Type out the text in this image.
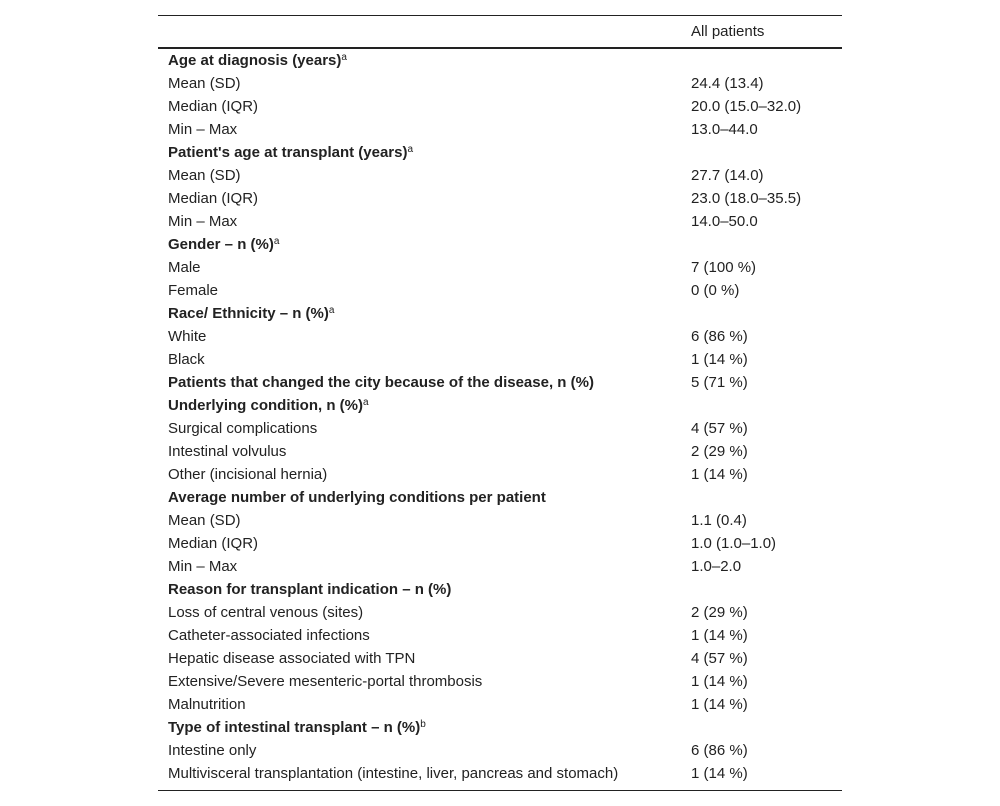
All patients
Age at diagnosis (years)$^a$
Mean (SD)	24.4 (13.4)
Median (IQR)	20.0 (15.0–32.0)
Min – Max	13.0–44.0
Patient's age at transplant (years)$^a$
Mean (SD)	27.7 (14.0)
Median (IQR)	23.0 (18.0–35.5)
Min – Max	14.0–50.0
Gender – n (%)$^a$
Male	7 (100 %)
Female	0 (0 %)
Race/ Ethnicity – n (%)$^a$
White	6 (86 %)
Black	1 (14 %)
Patients that changed the city because of the disease, n (%)	5 (71 %)
Underlying condition, n (%)$^a$
Surgical complications	4 (57 %)
Intestinal volvulus	2 (29 %)
Other (incisional hernia)	1 (14 %)
Average number of underlying conditions per patient
Mean (SD)	1.1 (0.4)
Median (IQR)	1.0 (1.0–1.0)
Min – Max	1.0–2.0
Reason for transplant indication – n (%)
Loss of central venous (sites)	2 (29 %)
Catheter-associated infections	1 (14 %)
Hepatic disease associated with TPN	4 (57 %)
Extensive/Severe mesenteric-portal thrombosis	1 (14 %)
Malnutrition	1 (14 %)
Type of intestinal transplant – n (%)$^b$
Intestine only	6 (86 %)
Multivisceral transplantation (intestine, liver, pancreas and stomach)	1 (14 %)
